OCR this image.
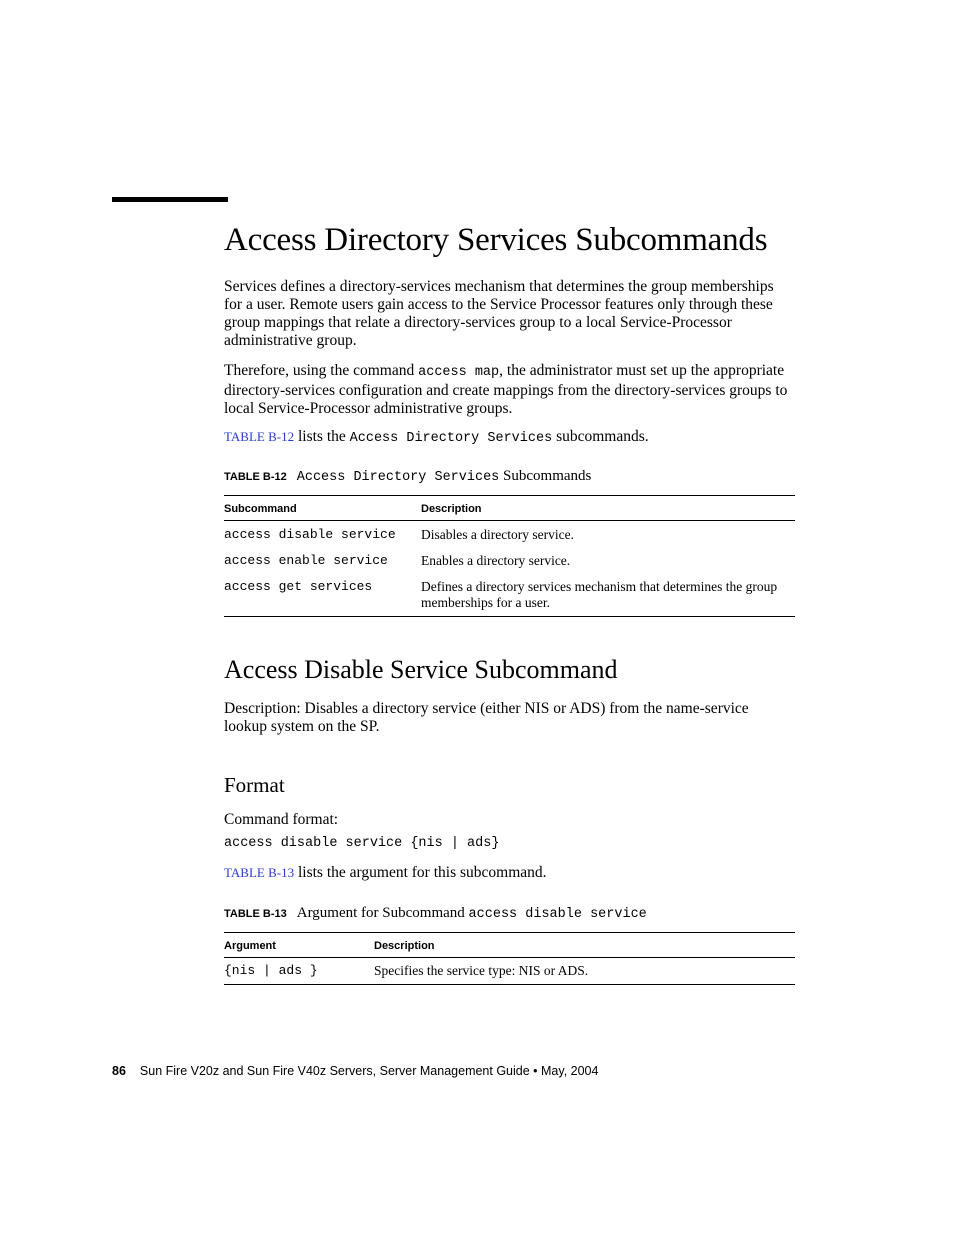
Access Directory Services Subcommands

Services defines a directory-services mechanism that determines the group memberships for a user. Remote users gain access to the Service Processor features only through these group mappings that relate a directory-services group to a local Service-Processor administrative group.

Therefore, using the command access map, the administrator must set up the appropriate directory-services configuration and create mappings from the directory-services groups to local Service-Processor administrative groups.

TABLE B-12 lists the Access Directory Services subcommands.

TABLE B-12 Access Directory Services Subcommands
Subcommand	Description
access disable service	Disables a directory service.
access enable service	Enables a directory service.
access get services	Defines a directory services mechanism that determines the group memberships for a user.
Access Disable Service Subcommand

Description: Disables a directory service (either NIS or ADS) from the name-service lookup system on the SP.

Format

Command format:

access disable service {nis | ads}

TABLE B-13 lists the argument for this subcommand.

TABLE B-13 Argument for Subcommand access disable service
Argument	Description
{nis | ads }	Specifies the service type: NIS or ADS.
86 Sun Fire V20z and Sun Fire V40z Servers, Server Management Guide • May, 2004
